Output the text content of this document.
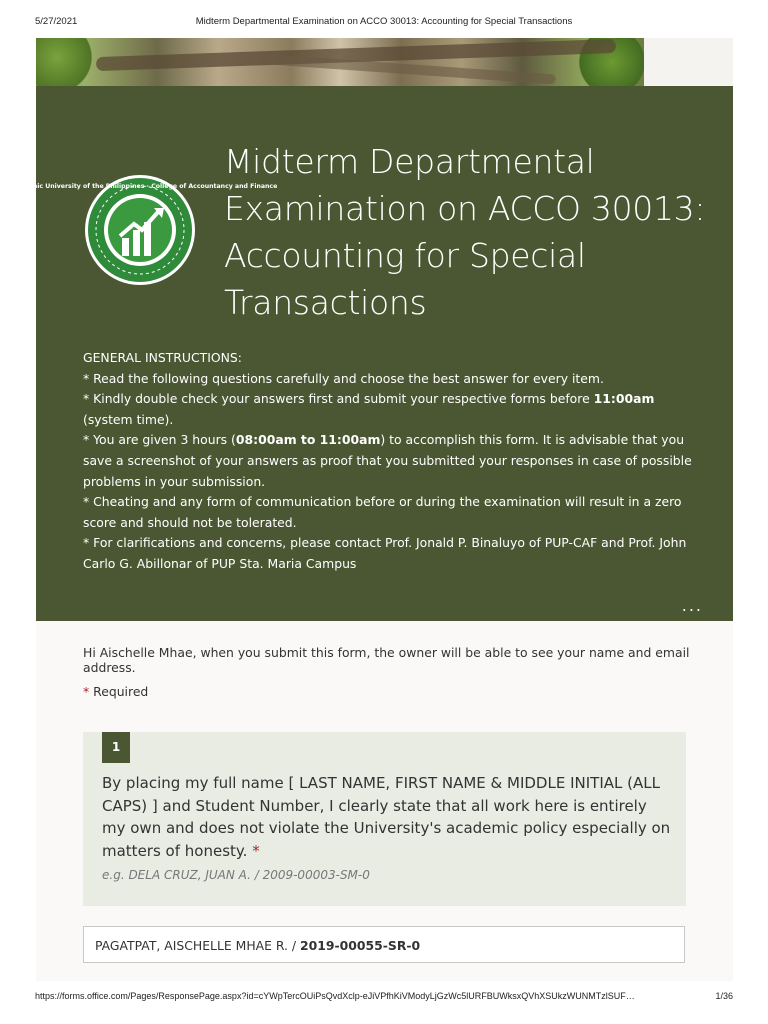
5/27/2021	Midterm Departmental Examination on ACCO 30013: Accounting for Special Transactions
Polytechnic University of the Philippines - College of Accountancy and Finance
Midterm Departmental Examination on ACCO 30013: Accounting for Special Transactions

GENERAL INSTRUCTIONS:

* Read the following questions carefully and choose the best answer for every item.

* Kindly double check your answers first and submit your respective forms before 11:00am (system time).

* You are given 3 hours (08:00am to 11:00am) to accomplish this form. It is advisable that you save a screenshot of your answers as proof that you submitted your responses in case of possible problems in your submission.

* Cheating and any form of communication before or during the examination will result in a zero score and should not be tolerated.

* For clarifications and concerns, please contact Prof. Jonald P. Binaluyo of PUP-CAF and Prof. John Carlo G. Abillonar of PUP Sta. Maria Campus

...
Hi Aischelle Mhae, when you submit this form, the owner will be able to see your name and email address.
* Required
1
By placing my full name [ LAST NAME, FIRST NAME & MIDDLE INITIAL (ALL CAPS) ] and Student Number, I clearly state that all work here is entirely my own and does not violate the University's academic policy especially on matters of honesty. *
e.g. DELA CRUZ, JUAN A. / 2009-00003-SM-0
PAGATPAT, AISCHELLE MHAE R. / 2019-00055-SR-0
https://forms.office.com/Pages/ResponsePage.aspx?id=cYWpTercOUiPsQvdXclp-eJiVPfhKiVModyLjGzWc5lURFBUWksxQVhXSUkzWUNMTzlSUF…	1/36
